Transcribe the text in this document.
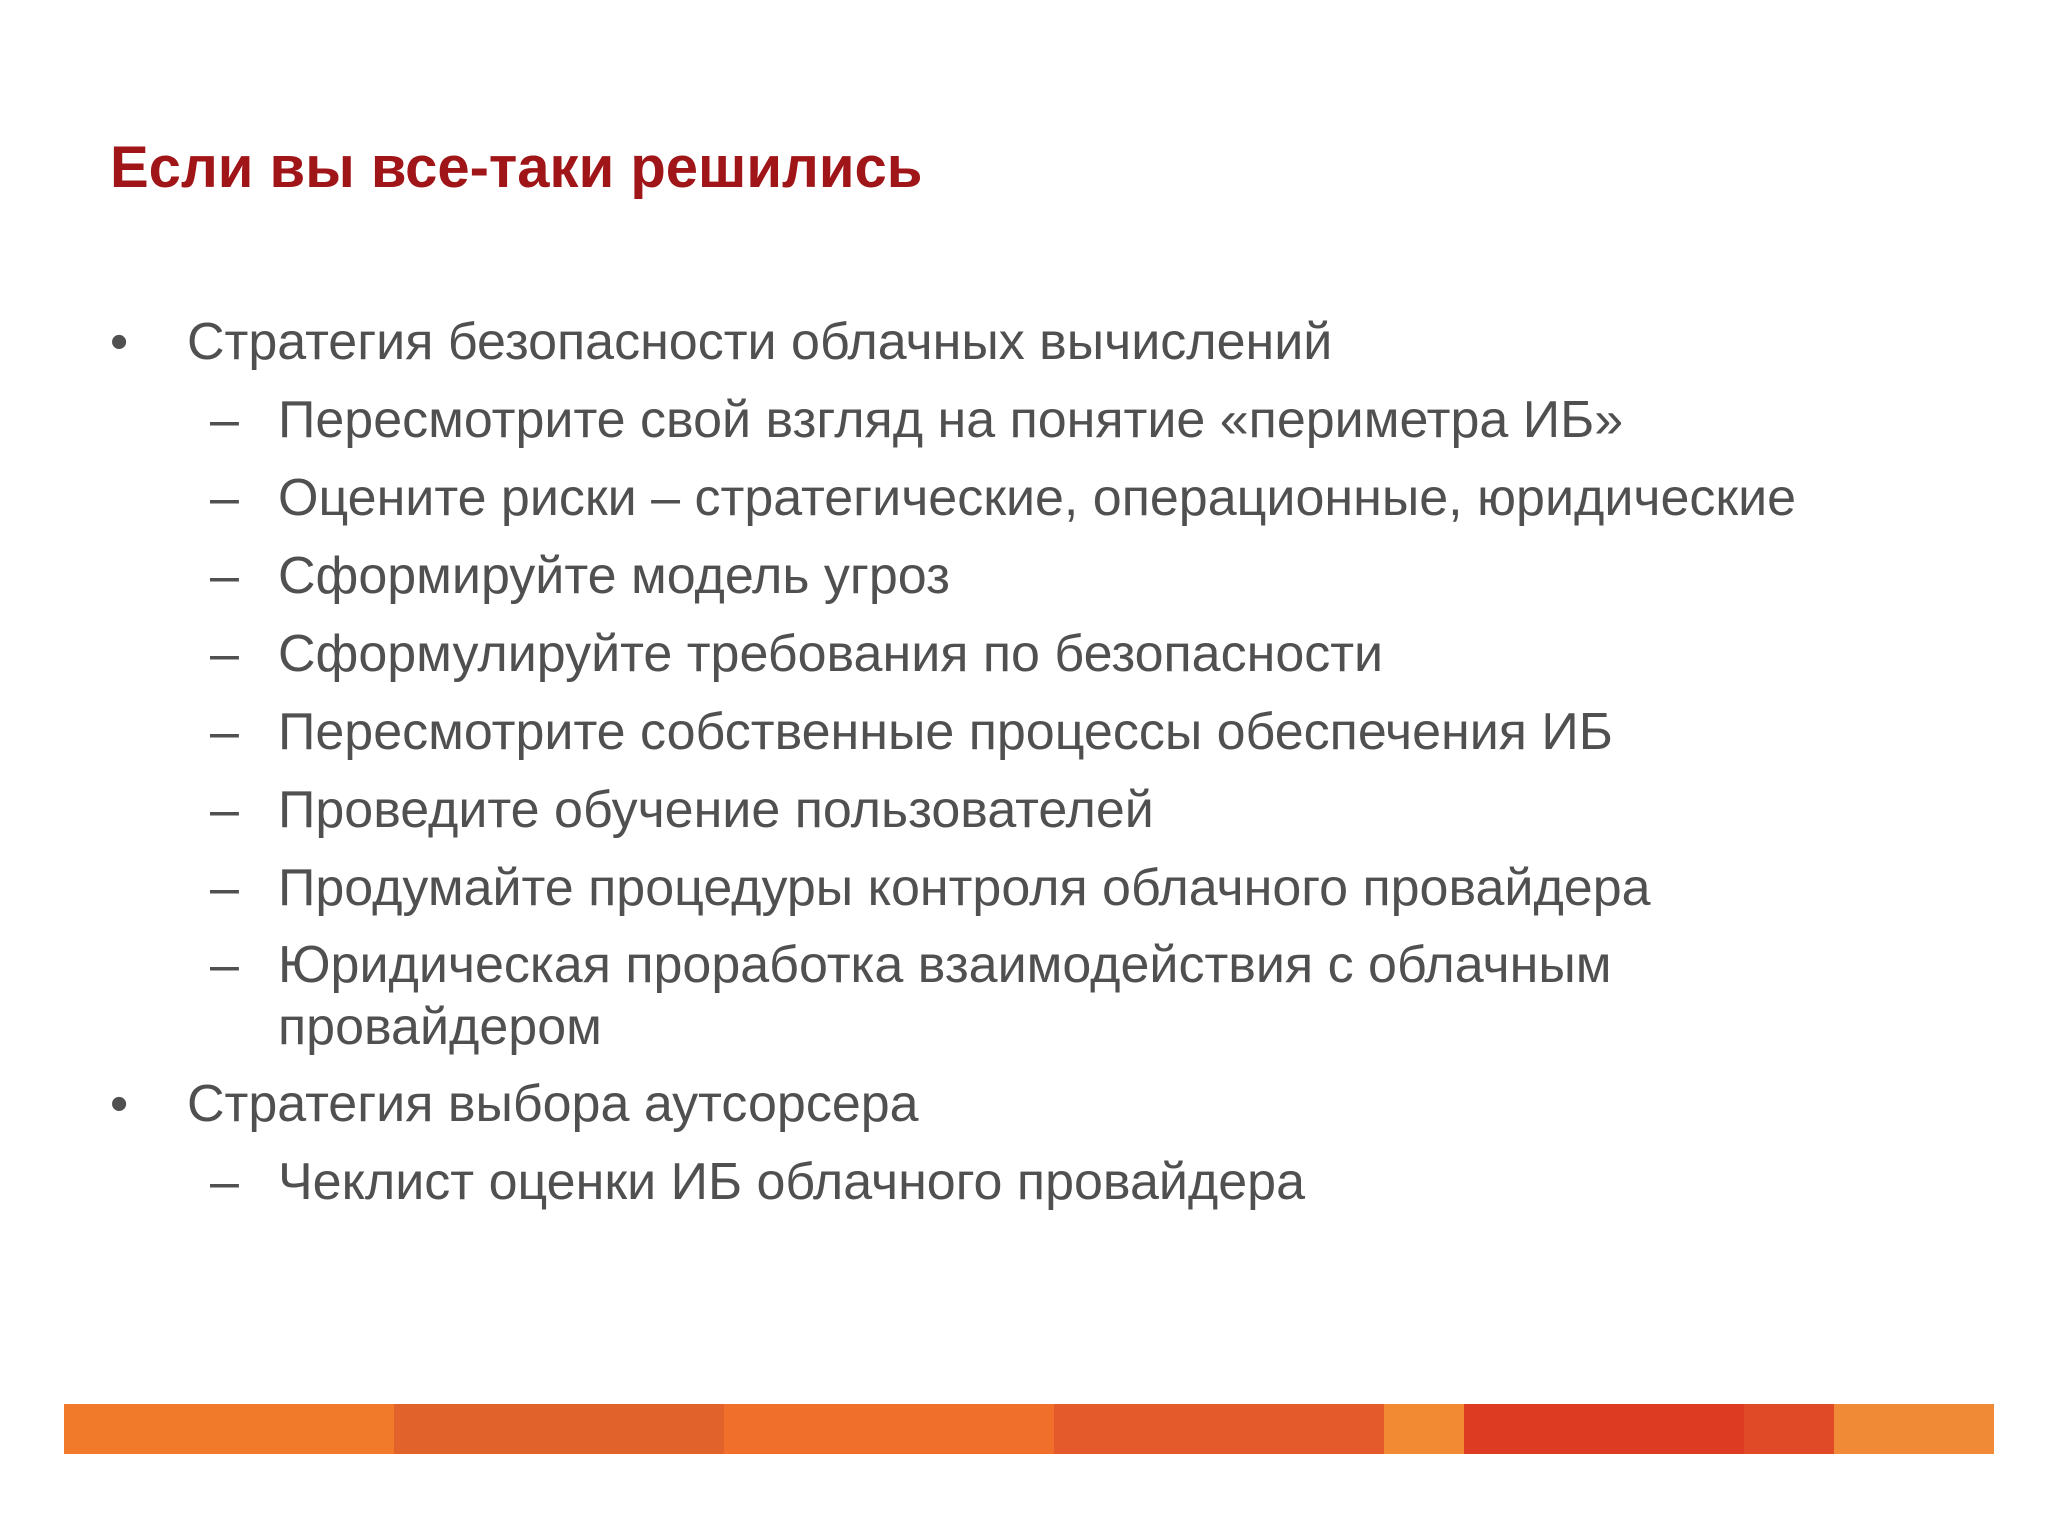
Если вы все-таки решились

•	Стратегия безопасности облачных вычислений

– Пересмотрите свой взгляд на понятие «периметра ИБ»

– Оцените риски – стратегические, операционные, юридические

– Сформируйте модель угроз

– Сформулируйте требования по безопасности

– Пересмотрите собственные процессы обеспечения ИБ

– Проведите обучение пользователей

– Продумайте процедуры контроля облачного провайдера

– Юридическая проработка взаимодействия с облачным провайдером

•	Стратегия выбора аутсорсера

– Чеклист оценки ИБ облачного провайдера
